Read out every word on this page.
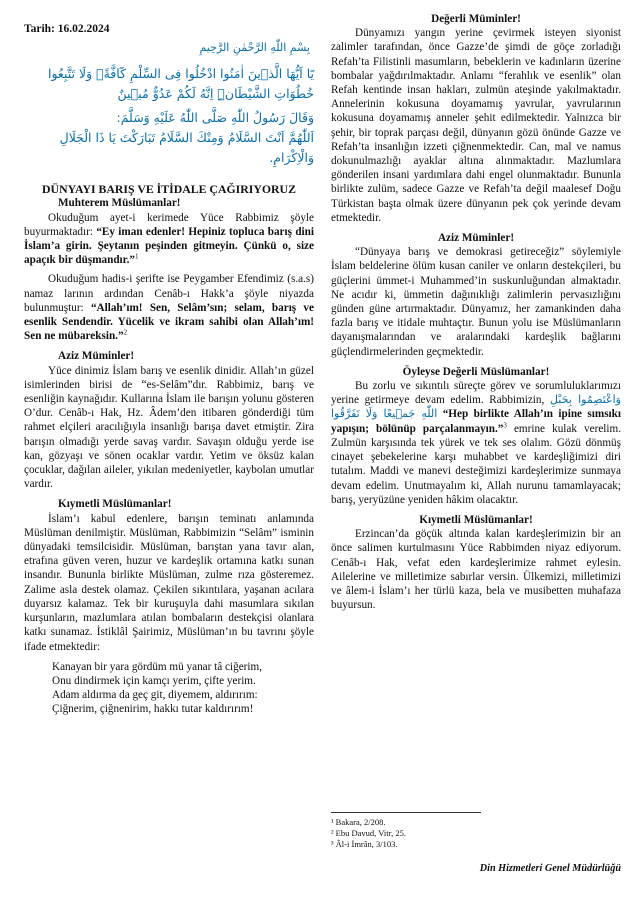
Tarih: 16.02.2024
بِسْمِ اللّٰهِ الرَّحْمٰنِ الرَّحِيمِ

يَٓا اَيُّهَا الَّذٖينَ اٰمَنُوا ادْخُلُوا فِى السِّلْمِ كَٓافَّةًۖ وَلَا تَتَّبِعُوا خُطُوَاتِ الشَّيْطَانِۜ اِنَّهُ لَكُمْ عَدُوٌّ مُبٖينٌ

وَقَالَ رَسُولُ اللّٰهِ صَلَّى اللّٰهُ عَلَيْهِ وَسَلَّمَ:

اَللّٰهُمَّ اَنْتَ السَّلَامُ وَمِنْكَ السَّلَامُ تَبَارَكْتَ يَا ذَا الْجَلَالِ وَالْاِكْرَامِ.

DÜNYAYI BARIŞ VE İTİDALE ÇAĞIRIYORUZ
Muhterem Müslümanlar!

Okuduğum ayet-i kerimede Yüce Rabbimiz şöyle buyurmaktadır: “Ey iman edenler! Hepiniz topluca barış dini İslam’a girin. Şeytanın peşinden gitmeyin. Çünkü o, size apaçık bir düşmandır.”$^1$

Okuduğum hadis-i şerifte ise Peygamber Efendimiz (s.a.s) namaz larının ardından Cenâb-ı Hakk’a şöyle niyazda bulunmuştur: “Allah’ım! Sen, Selâm’sın; selam, barış ve esenlik Sendendir. Yücelik ve ikram sahibi olan Allah’ım! Sen ne mübareksin.”$^2$

Aziz Müminler!

Yüce dinimiz İslam barış ve esenlik dinidir. Allah’ın güzel isimlerinden birisi de “es-Selâm”dır. Rabbimiz, barış ve esenliğin kaynağıdır. Kullarına İslam ile barışın yolunu gösteren O’dur. Cenâb-ı Hak, Hz. Âdem’den itibaren gönderdiği tüm rahmet elçileri aracılığıyla insanlığı barışa davet etmiştir. Zira barışın olmadığı yerde savaş vardır. Savaşın olduğu yerde ise kan, gözyaşı ve sönen ocaklar vardır. Yetim ve öksüz kalan çocuklar, dağılan aileler, yıkılan medeniyetler, kaybolan umutlar vardır.

Kıymetli Müslümanlar!

İslam’ı kabul edenlere, barışın teminatı anlamında Müslüman denilmiştir. Müslüman, Rabbimizin “Selâm” isminin dünyadaki temsilcisidir. Müslüman, barıştan yana tavır alan, etrafına güven veren, huzur ve kardeşlik ortamına katkı sunan insandır. Bununla birlikte Müslüman, zulme rıza gösteremez. Zalime asla destek olamaz. Çekilen sıkıntılara, yaşanan acılara duyarsız kalamaz. Tek bir kuruşuyla dahi masumlara sıkılan kurşunların, mazlumlara atılan bombaların destekçisi olanlara katkı sunamaz. İstiklâl Şairimiz, Müslüman’ın bu tavrını şöyle ifade etmektedir:

Kanayan bir yara gördüm mü yanar tâ ciğerim,
Onu dindirmek için kamçı yerim, çifte yerim.
Adam aldırma da geç git, diyemem, aldırırım:
Çiğnerim, çiğnenirim, hakkı tutar kaldırırım!
Değerli Müminler!

Dünyamızı yangın yerine çevirmek isteyen siyonist zalimler tarafından, önce Gazze’de şimdi de göçe zorladığı Refah’ta Filistinli masumların, bebeklerin ve kadınların üzerine bombalar yağdırılmaktadır. Anlamı “ferahlık ve esenlik” olan Refah kentinde insan hakları, zulmün ateşinde yakılmaktadır. Annelerinin kokusuna doyamamış yavrular, yavrularının kokusuna doyamamış anneler şehit edilmektedir. Yalnızca bir şehir, bir toprak parçası değil, dünyanın gözü önünde Gazze ve Refah’ta insanlığın izzeti çiğnenmektedir. Can, mal ve namus dokunulmazlığı ayaklar altına alınmaktadır. Mazlumlara gönderilen insani yardımlara dahi engel olunmaktadır. Bununla birlikte zulüm, sadece Gazze ve Refah’ta değil maalesef Doğu Türkistan başta olmak üzere dünyanın pek çok yerinde devam etmektedir.

Aziz Müminler!

“Dünyaya barış ve demokrasi getireceğiz” söylemiyle İslam beldelerine ölüm kusan caniler ve onların destekçileri, bu güçlerini ümmet-i Muhammed’in suskunluğundan almaktadır. Ne acıdır ki, ümmetin dağınıklığı zalimlerin pervasızlığını günden güne artırmaktadır. Dünyamız, her zamankinden daha fazla barış ve itidale muhtaçtır. Bunun yolu ise Müslümanların dayanışmalarından ve aralarındaki kardeşlik bağlarını güçlendirmelerinden geçmektedir.

Öyleyse Değerli Müslümanlar!

Bu zorlu ve sıkıntılı süreçte görev ve sorumluluklarımızı yerine getirmeye devam edelim. Rabbimizin, وَاعْتَصِمُوا بِحَبْلِ اللّٰهِ جَمٖيعًا وَلَا تَفَرَّقُوا “Hep birlikte Allah’ın ipine sımsıkı yapışın; bölünüp parçalanmayın.”$^3$ emrine kulak verelim. Zulmün karşısında tek yürek ve tek ses olalım. Gözü dönmüş cinayet şebekelerine karşı muhabbet ve kardeşliğimizi diri tutalım. Maddi ve manevi desteğimizi kardeşlerimize sunmaya devam edelim. Unutmayalım ki, Allah nurunu tamamlayacak; barış, yeryüzüne yeniden hâkim olacaktır.

Kıymetli Müslümanlar!

Erzincan’da göçük altında kalan kardeşlerimizin bir an önce salimen kurtulmasını Yüce Rabbimden niyaz ediyorum. Cenâb-ı Hak, vefat eden kardeşlerimize rahmet eylesin. Ailelerine ve milletimize sabırlar versin. Ülkemizi, milletimizi ve âlem-i İslam’ı her türlü kaza, bela ve musibetten muhafaza buyursun.

¹ Bakara, 2/208.
² Ebu Davud, Vitr, 25.
³ Âl-i İmrân, 3/103.
Din Hizmetleri Genel Müdürlüğü
